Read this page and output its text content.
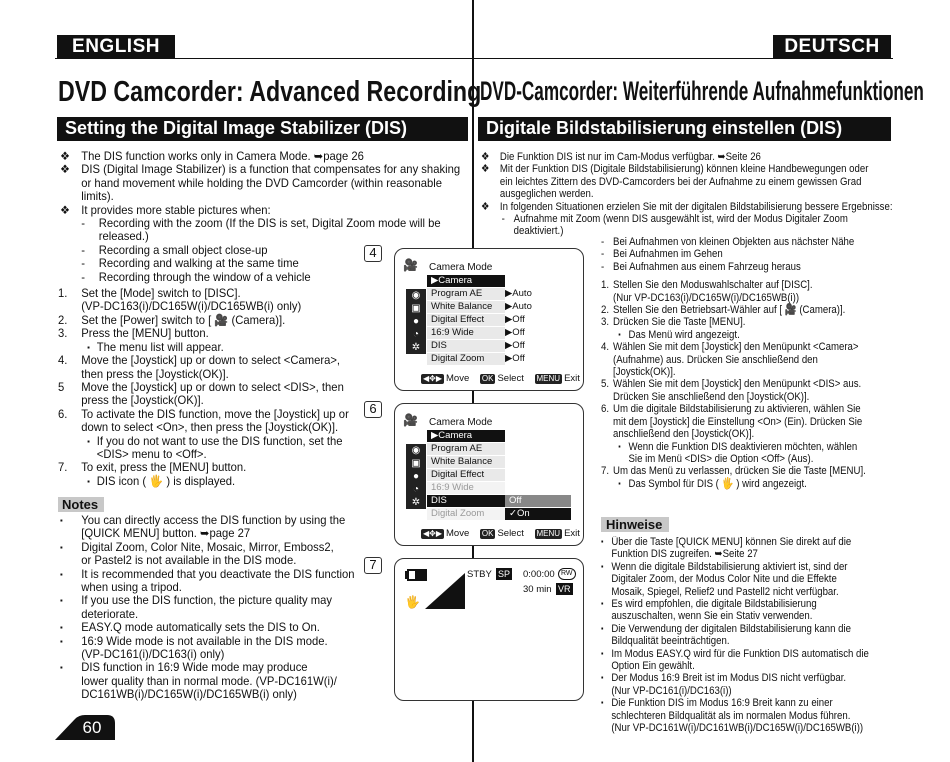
ENGLISH	DEUTSCH
DVD Camcorder: Advanced Recording
DVD-Camcorder: Weiterführende Aufnahmefunktionen
Setting the Digital Image Stabilizer (DIS)	Digitale Bildstabilisierung einstellen (DIS)
❖ The DIS function works only in Camera Mode. ➥page 26
❖ DIS (Digital Image Stabilizer) is a function that compensates for any shaking
or hand movement while holding the DVD Camcorder (within reasonable
limits).
❖ It provides more stable pictures when:
- Recording with the zoom (If the DIS is set, Digital Zoom mode will be
released.)
- Recording a small object close-up
- Recording and walking at the same time
- Recording through the window of a vehicle
1. Set the [Mode] switch to [DISC].
(VP-DC163(i)/DC165W(i)/DC165WB(i) only)
2. Set the [Power] switch to [ 🎥 (Camera)].
3. Press the [MENU] button.
▪ The menu list will appear.
4. Move the [Joystick] up or down to select <Camera>,
then press the [Joystick(OK)].
5 Move the [Joystick] up or down to select <DIS>, then
press the [Joystick(OK)].
6. To activate the DIS function, move the [Joystick] up or
down to select <On>, then press the [Joystick(OK)].
▪ If you do not want to use the DIS function, set the
<DIS> menu to <Off>.
7. To exit, press the [MENU] button.
▪ DIS icon ( 🖐 ) is displayed.
Notes
▪ You can directly access the DIS function by using the
[QUICK MENU] button. ➥page 27
▪ Digital Zoom, Color Nite, Mosaic, Mirror, Emboss2,
or Pastel2 is not available in the DIS mode.
▪ It is recommended that you deactivate the DIS function
when using a tripod.
▪ If you use the DIS function, the picture quality may
deteriorate.
▪ EASY.Q mode automatically sets the DIS to On.
▪ 16:9 Wide mode is not available in the DIS mode.
(VP-DC161(i)/DC163(i) only)
▪ DIS function in 16:9 Wide mode may produce
lower quality than in normal mode. (VP-DC161W(i)/
DC161WB(i)/DC165W(i)/DC165WB(i) only)
60
❖ Die Funktion DIS ist nur im Cam-Modus verfügbar. ➥Seite 26
❖ Mit der Funktion DIS (Digitale Bildstabilisierung) können kleine Handbewegungen oder
ein leichtes Zittern des DVD-Camcorders bei der Aufnahme zu einem gewissen Grad
ausgeglichen werden.
❖ In folgenden Situationen erzielen Sie mit der digitalen Bildstabilisierung bessere Ergebnisse:
- Aufnahme mit Zoom (wenn DIS ausgewählt ist, wird der Modus Digitaler Zoom
deaktiviert.)
- Bei Aufnahmen von kleinen Objekten aus nächster Nähe
- Bei Aufnahmen im Gehen
- Bei Aufnahmen aus einem Fahrzeug heraus
1. Stellen Sie den Moduswahlschalter auf [DISC].
(Nur VP-DC163(i)/DC165W(i)/DC165WB(i))
2. Stellen Sie den Betriebsart-Wähler auf [ 🎥 (Camera)].
3. Drücken Sie die Taste [MENU].
▪ Das Menü wird angezeigt.
4. Wählen Sie mit dem [Joystick] den Menüpunkt <Camera>
(Aufnahme) aus. Drücken Sie anschließend den
[Joystick(OK)].
5. Wählen Sie mit dem [Joystick] den Menüpunkt <DIS> aus.
Drücken Sie anschließend den [Joystick(OK)].
6. Um die digitale Bildstabilisierung zu aktivieren, wählen Sie
mit dem [Joystick] die Einstellung <On> (Ein). Drücken Sie
anschließend den [Joystick(OK)].
▪ Wenn die Funktion DIS deaktivieren möchten, wählen
Sie im Menü <DIS> die Option <Off> (Aus).
7. Um das Menü zu verlassen, drücken Sie die Taste [MENU].
▪ Das Symbol für DIS ( 🖐 ) wird angezeigt.
Hinweise
▪ Über die Taste [QUICK MENU] können Sie direkt auf die
Funktion DIS zugreifen. ➥Seite 27
▪ Wenn die digitale Bildstabilisierung aktiviert ist, sind der
Digitaler Zoom, der Modus Color Nite und die Effekte
Mosaik, Spiegel, Relief2 und Pastell2 nicht verfügbar.
▪ Es wird empfohlen, die digitale Bildstabilisierung
auszuschalten, wenn Sie ein Stativ verwenden.
▪ Die Verwendung der digitalen Bildstabilisierung kann die
Bildqualität beeinträchtigen.
▪ Im Modus EASY.Q wird für die Funktion DIS automatisch die
Option Ein gewählt.
▪ Der Modus 16:9 Breit ist im Modus DIS nicht verfügbar.
(Nur VP-DC161(i)/DC163(i))
▪ Die Funktion DIS im Modus 16:9 Breit kann zu einer
schlechteren Bildqualität als im normalen Modus führen.
(Nur VP-DC161W(i)/DC161WB(i)/DC165W(i)/DC165WB(i))
4
6
7
🎥 Camera Mode
▶Camera
◉
▣
●
◔
✲
Program AE
White Balance
Digital Effect
16:9 Wide
DIS
Digital Zoom
▶Auto
▶Auto
▶Off
▶Off
▶Off
▶Off
◀✥▶ Move OK Select MENU Exit
🎥 Camera Mode
▶Camera
◉
▣
●
◔
✲
Program AE
White Balance
Digital Effect
16:9 Wide
DIS
Digital Zoom
Off
✓On
◀✥▶ Move OK Select MENU Exit
STBY SP 0:00:00 RW
30 min VR
🖐
